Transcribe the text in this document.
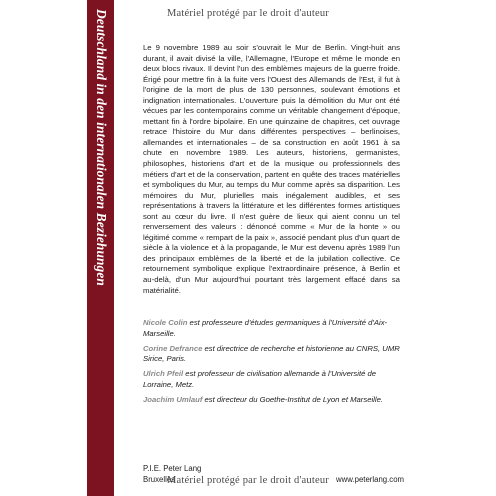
Deutschland in den internationalen Beziehungen	Matériel protégé par le droit d'auteur

Le 9 novembre 1989 au soir s'ouvrait le Mur de Berlin. Vingt-huit ans durant, il avait divisé la ville, l'Allemagne, l'Europe et même le monde en deux blocs rivaux. Il devint l'un des emblèmes majeurs de la guerre froide. Érigé pour mettre fin à la fuite vers l'Ouest des Allemands de l'Est, il fut à l'origine de la mort de plus de 130 personnes, soulevant émotions et indignation internationales. L'ouverture puis la démolition du Mur ont été vécues par les contemporains comme un véritable changement d'époque, mettant fin à l'ordre bipolaire. En une quinzaine de chapitres, cet ouvrage retrace l'histoire du Mur dans différentes perspectives – berlinoises, allemandes et internationales – de sa construction en août 1961 à sa chute en novembre 1989. Les auteurs, historiens, germanistes, philosophes, historiens d'art et de la musique ou professionnels des métiers d'art et de la conservation, partent en quête des traces matérielles et symboliques du Mur, au temps du Mur comme après sa disparition. Les mémoires du Mur, plurielles mais inégalement audibles, et ses représentations à travers la littérature et les différentes formes artistiques sont au cœur du livre. Il n'est guère de lieux qui aient connu un tel renversement des valeurs : dénoncé comme « Mur de la honte » ou légitimé comme « rempart de la paix », associé pendant plus d'un quart de siècle à la violence et à la propagande, le Mur est devenu après 1989 l'un des principaux emblèmes de la liberté et de la jubilation collective. Ce retournement symbolique explique l'extraordinaire présence, à Berlin et au-delà, d'un Mur aujourd'hui pourtant très largement effacé dans sa matérialité.

Nicole Colin est professeure d'études germaniques à l'Université d'Aix-Marseille.

Corine Defrance est directrice de recherche et historienne au CNRS, UMR Sirice, Paris.

Ulrich Pfeil est professeur de civilisation allemande à l'Université de Lorraine, Metz.

Joachim Umlauf est directeur du Goethe-Institut de Lyon et Marseille.

P.I.E. Peter Lang
Bruxelles	www.peterlang.com
Matériel protégé par le droit d'auteur
